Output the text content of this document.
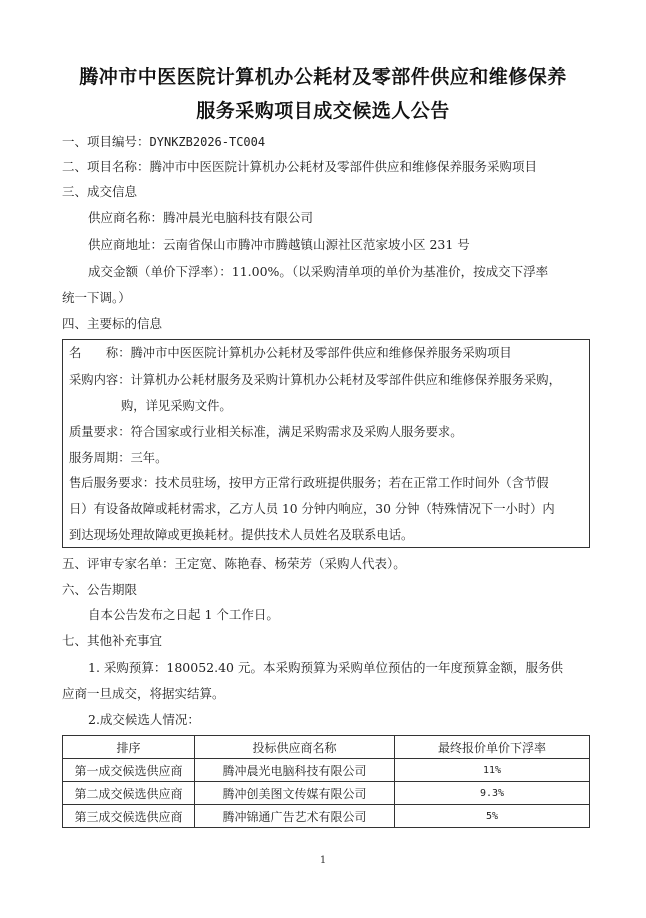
腾冲市中医医院计算机办公耗材及零部件供应和维修保养
服务采购项目成交候选人公告
一、项目编号：DYNKZB2026-TC004
二、项目名称：腾冲市中医医院计算机办公耗材及零部件供应和维修保养服务采购项目
三、成交信息
供应商名称：腾冲晨光电脑科技有限公司
供应商地址：云南省保山市腾冲市腾越镇山源社区范家坡小区 231 号
成交金额（单价下浮率）：11.00%。（以采购清单项的单价为基准价，按成交下浮率
统一下调。）
四、主要标的信息
名　　称：腾冲市中医医院计算机办公耗材及零部件供应和维修保养服务采购项目
采购内容：计算机办公耗材服务及采购计算机办公耗材及零部件供应和维修保养服务采购，
购，详见采购文件。
质量要求：符合国家或行业相关标准，满足采购需求及采购人服务要求。
服务周期：三年。
售后服务要求：技术员驻场，按甲方正常行政班提供服务；若在正常工作时间外（含节假
日）有设备故障或耗材需求，乙方人员 10 分钟内响应，30 分钟（特殊情况下一小时）内
到达现场处理故障或更换耗材。提供技术人员姓名及联系电话。
五、评审专家名单：王定宽、陈艳春、杨荣芳（采购人代表）。
六、公告期限
自本公告发布之日起 1 个工作日。
七、其他补充事宜
1. 采购预算：180052.40 元。本采购预算为采购单位预估的一年度预算金额，服务供
应商一旦成交，将据实结算。
2.成交候选人情况：
排序	投标供应商名称	最终报价单价下浮率
第一成交候选供应商	腾冲晨光电脑科技有限公司	11%
第二成交候选供应商	腾冲创美图文传媒有限公司	9.3%
第三成交候选供应商	腾冲锦通广告艺术有限公司	5%
1
